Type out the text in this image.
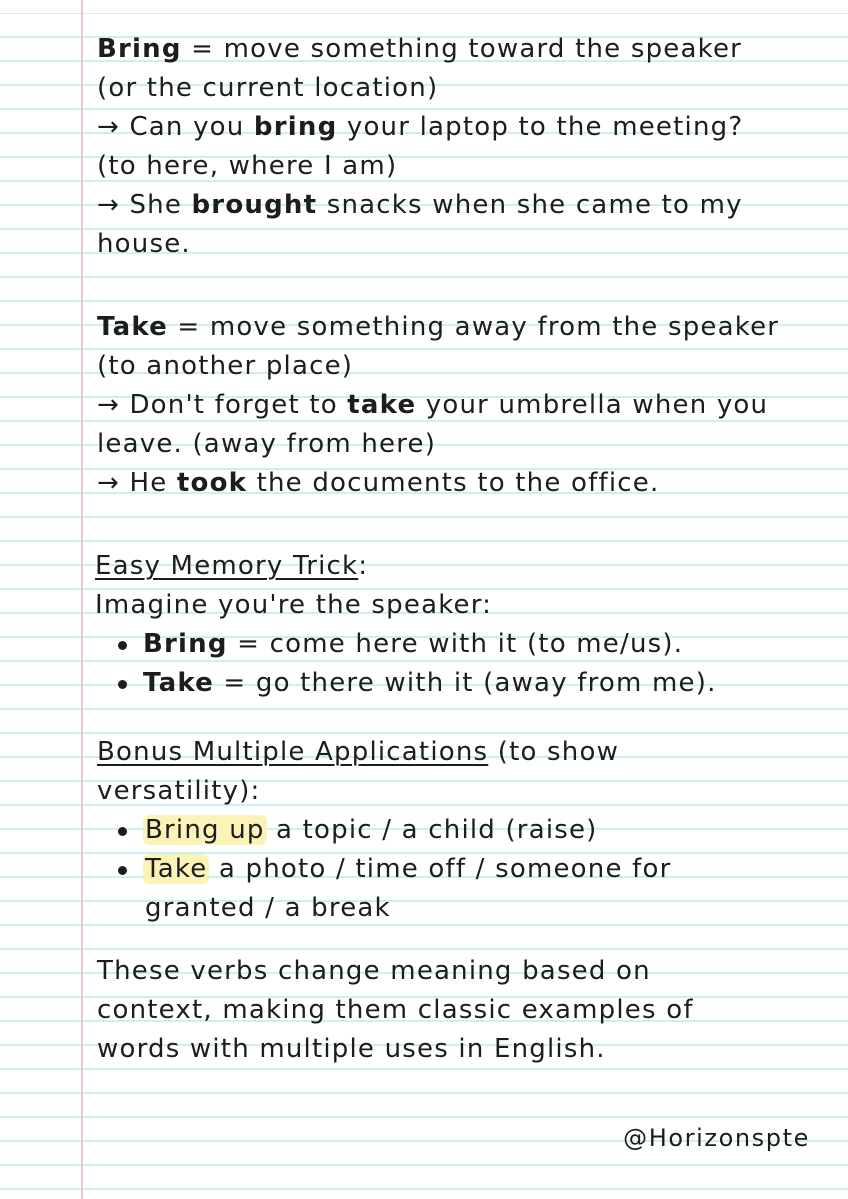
Bring = move something toward the speaker
(or the current location)
→ Can you bring your laptop to the meeting?
(to here, where I am)
→ She brought snacks when she came to my
house.
Take = move something away from the speaker
(to another place)
→ Don't forget to take your umbrella when you
leave. (away from here)
→ He took the documents to the office.
Easy Memory Trick:
Imagine you're the speaker:
Bring = come here with it (to me/us).
Take = go there with it (away from me).
Bonus Multiple Applications (to show
versatility):
Bring up a topic / a child (raise)
Take a photo / time off / someone for
granted / a break
These verbs change meaning based on
context, making them classic examples of
words with multiple uses in English.
@Horizonspte
